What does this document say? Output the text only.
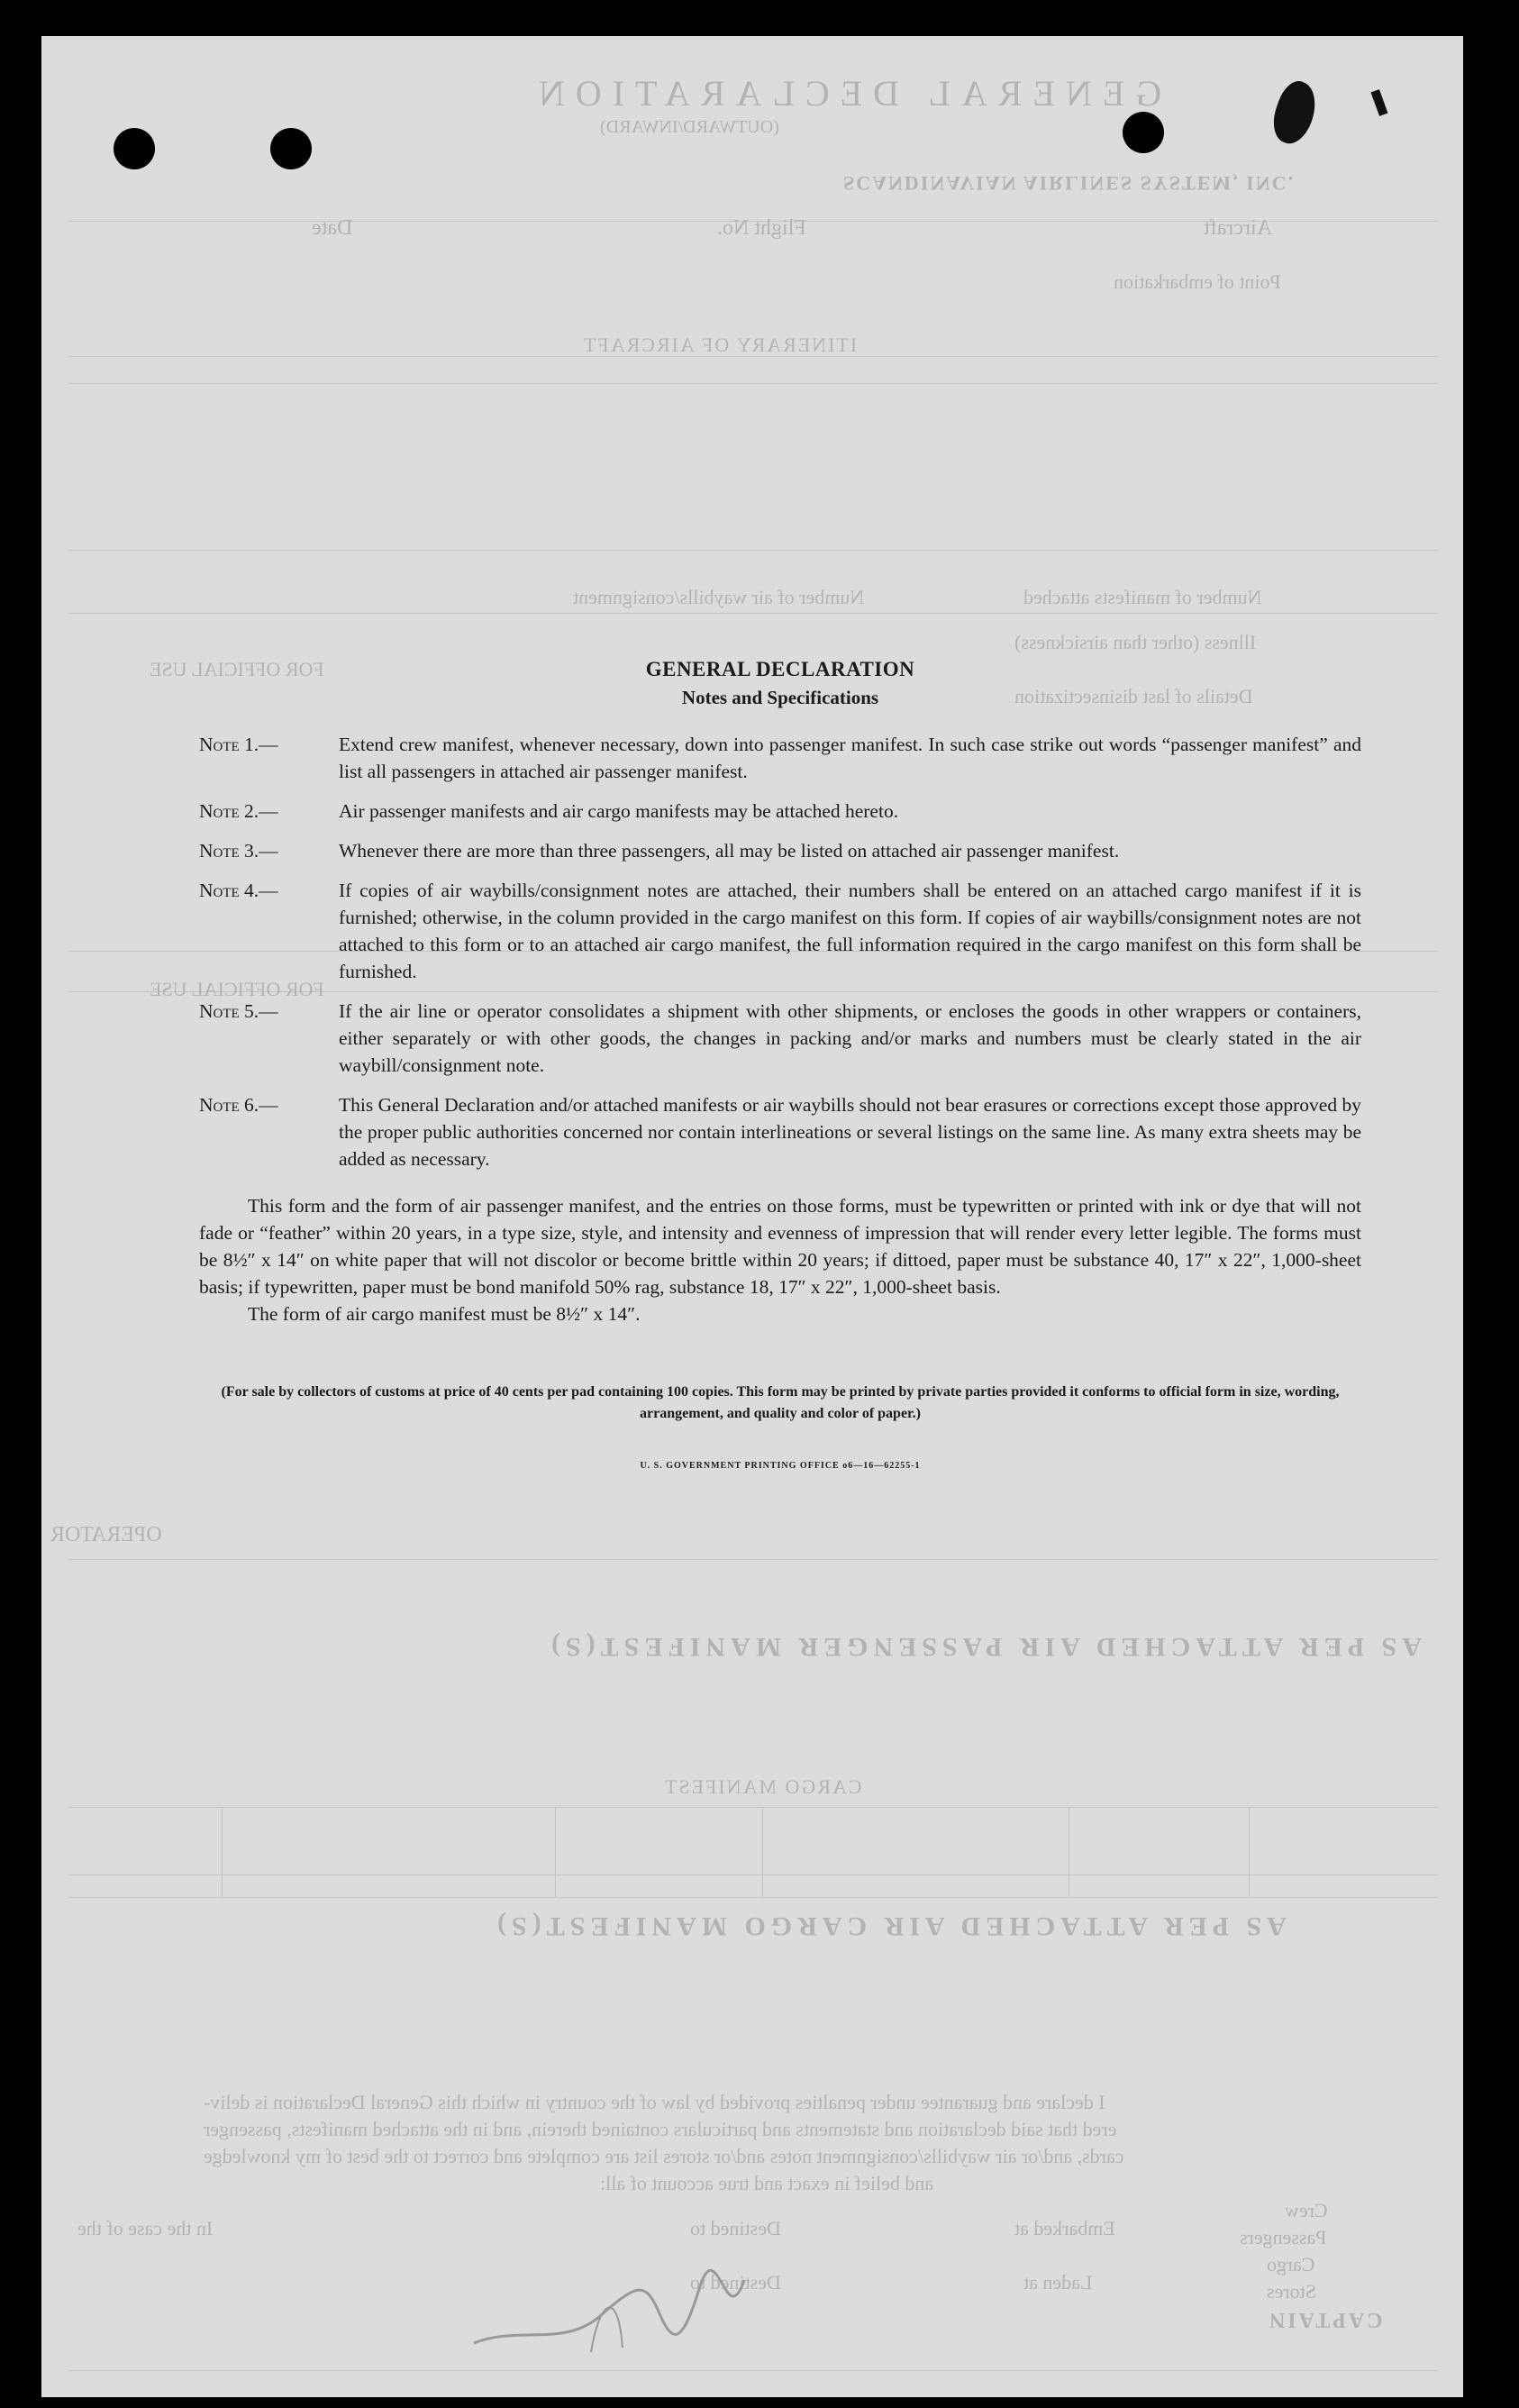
GENERAL DECLARATION
(OUTWARD/INWARD)
SCANDINAVIAN AIRLINES SYSTEM, INC.
Aircraft
Flight No.
Date
Point of embarkation
ITINERARY OF AIRCRAFT
Number of manifests attached
Number of air waybills/consignment
Illness (other than airsickness)
FOR OFFICIAL USE
Details of last disinsectization
FOR OFFICIAL USE
OPERATOR
AS PER ATTACHED AIR PASSENGER MANIFEST(S)
CARGO MANIFEST
AS PER ATTACHED AIR CARGO MANIFEST(S)
I declare and guarantee under penalties provided by law of the country in which this General Declaration is deliv-
ered that said declaration and statements and particulars contained therein, and in the attached manifests, passenger
cards, and/or air waybills/consignment notes and/or stores list are complete and correct to the best of my knowledge
and belief in exact and true account of all:
Crew
Embarked at
Destined to	Passengers
Cargo
Laden at
Destined to	Stores
In the case of the
CAPTAIN
GENERAL DECLARATION
Notes and Specifications
Note 1.—	Extend crew manifest, whenever necessary, down into passenger manifest. In such case strike out words “passenger manifest” and list all passengers in attached air passenger manifest.
Note 2.—	Air passenger manifests and air cargo manifests may be attached hereto.
Note 3.—	Whenever there are more than three passengers, all may be listed on attached air passenger manifest.
Note 4.—	If copies of air waybills/consignment notes are attached, their numbers shall be entered on an attached cargo manifest if it is furnished; otherwise, in the column provided in the cargo manifest on this form. If copies of air waybills/consignment notes are not attached to this form or to an attached air cargo manifest, the full information required in the cargo manifest on this form shall be furnished.
Note 5.—	If the air line or operator consolidates a shipment with other shipments, or encloses the goods in other wrappers or containers, either separately or with other goods, the changes in packing and/or marks and numbers must be clearly stated in the air waybill/consignment note.
Note 6.—	This General Declaration and/or attached manifests or air waybills should not bear erasures or corrections except those approved by the proper public authorities concerned nor contain interlineations or several listings on the same line. As many extra sheets may be added as necessary.
This form and the form of air passenger manifest, and the entries on those forms, must be typewritten or printed with ink or dye that will not fade or “feather” within 20 years, in a type size, style, and intensity and evenness of impression that will render every letter legible. The forms must be 8½″ x 14″ on white paper that will not discolor or become brittle within 20 years; if dittoed, paper must be substance 40, 17″ x 22″, 1,000-sheet basis; if typewritten, paper must be bond manifold 50% rag, substance 18, 17″ x 22″, 1,000-sheet basis.
The form of air cargo manifest must be 8½″ x 14″.
(For sale by collectors of customs at price of 40 cents per pad containing 100 copies. This form may be printed by private parties provided it conforms to official form in size, wording, arrangement, and quality and color of paper.)
U. S. GOVERNMENT PRINTING OFFICE o6—16—62255-1
